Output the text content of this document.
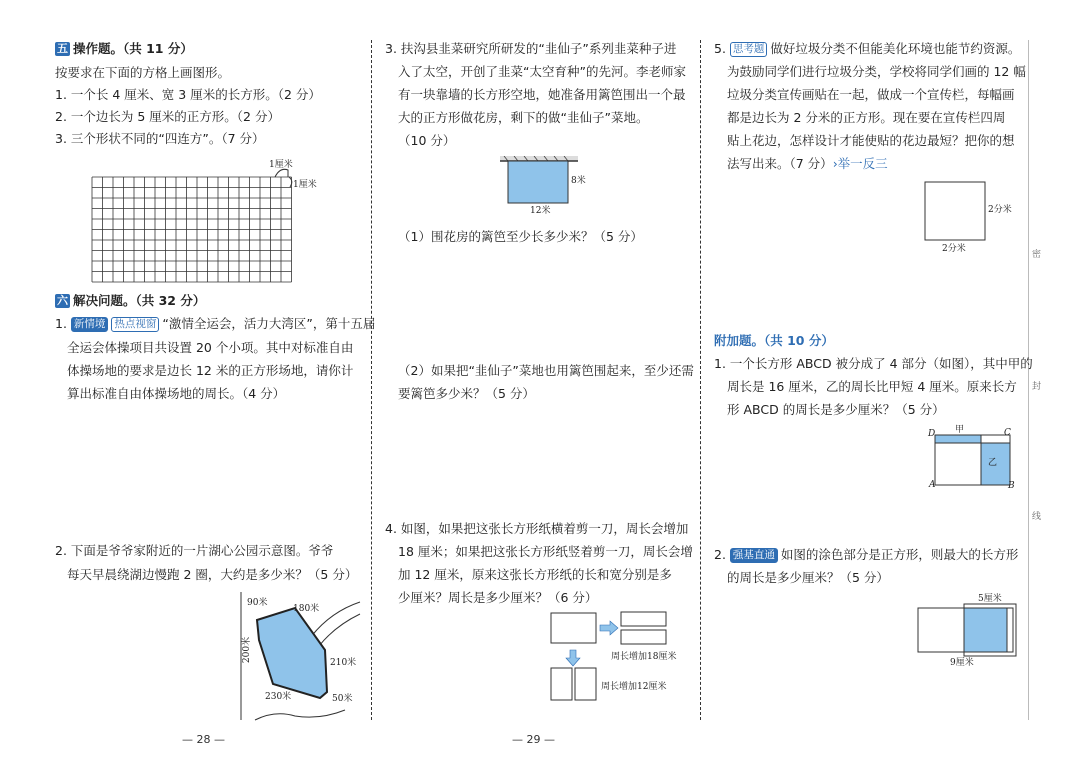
五 操作题。（共 11 分）
按要求在下面的方格上画图形。
1. 一个长 4 厘米、宽 3 厘米的长方形。（2 分）
2. 一个边长为 5 厘米的正方形。（2 分）
3. 三个形状不同的“四连方”。（7 分）
1厘米
1厘米
六 解决问题。（共 32 分）
1. 新情境 热点视窗 “激情全运会，活力大湾区”，第十五届
全运会体操项目共设置 20 个小项。其中对标准自由
体操场地的要求是边长 12 米的正方形场地，请你计
算出标准自由体操场地的周长。（4 分）
2. 下面是爷爷家附近的一片湖心公园示意图。爷爷
每天早晨绕湖边慢跑 2 圈，大约是多少米？（5 分）
90米
180米
200米	210米
230米	50米
— 28 —
3. 扶沟县韭菜研究所研发的“韭仙子”系列韭菜种子进
入了太空，开创了韭菜“太空育种”的先河。李老师家
有一块靠墙的长方形空地，她准备用篱笆围出一个最
大的正方形做花房，剩下的做“韭仙子”菜地。
（10 分）
8米
12米
（1）围花房的篱笆至少长多少米？（5 分）
（2）如果把“韭仙子”菜地也用篱笆围起来，至少还需
要篱笆多少米？（5 分）
4. 如图，如果把这张长方形纸横着剪一刀，周长会增加
18 厘米；如果把这张长方形纸竖着剪一刀，周长会增
加 12 厘米，原来这张长方形纸的长和宽分别是多
少厘米？周长是多少厘米？（6 分）
周长增加18厘米
周长增加12厘米
— 29 —
5. 思考题 做好垃圾分类不但能美化环境也能节约资源。
为鼓励同学们进行垃圾分类，学校将同学们画的 12 幅
垃圾分类宣传画贴在一起，做成一个宣传栏，每幅画
都是边长为 2 分米的正方形。现在要在宣传栏四周
贴上花边，怎样设计才能使贴的花边最短？把你的想
法写出来。（7 分）›举一反三
2分米
2分米
附加题。（共 10 分）
1. 一个长方形 ABCD 被分成了 4 部分（如图），其中甲的
周长是 16 厘米，乙的周长比甲短 4 厘米。原来长方
形 ABCD 的周长是多少厘米？（5 分）
D 甲	C
乙
A	B
2. 强基直通 如图的涂色部分是正方形，则最大的长方形
的周长是多少厘米？（5 分）
5厘米
9厘米
密
封
线
